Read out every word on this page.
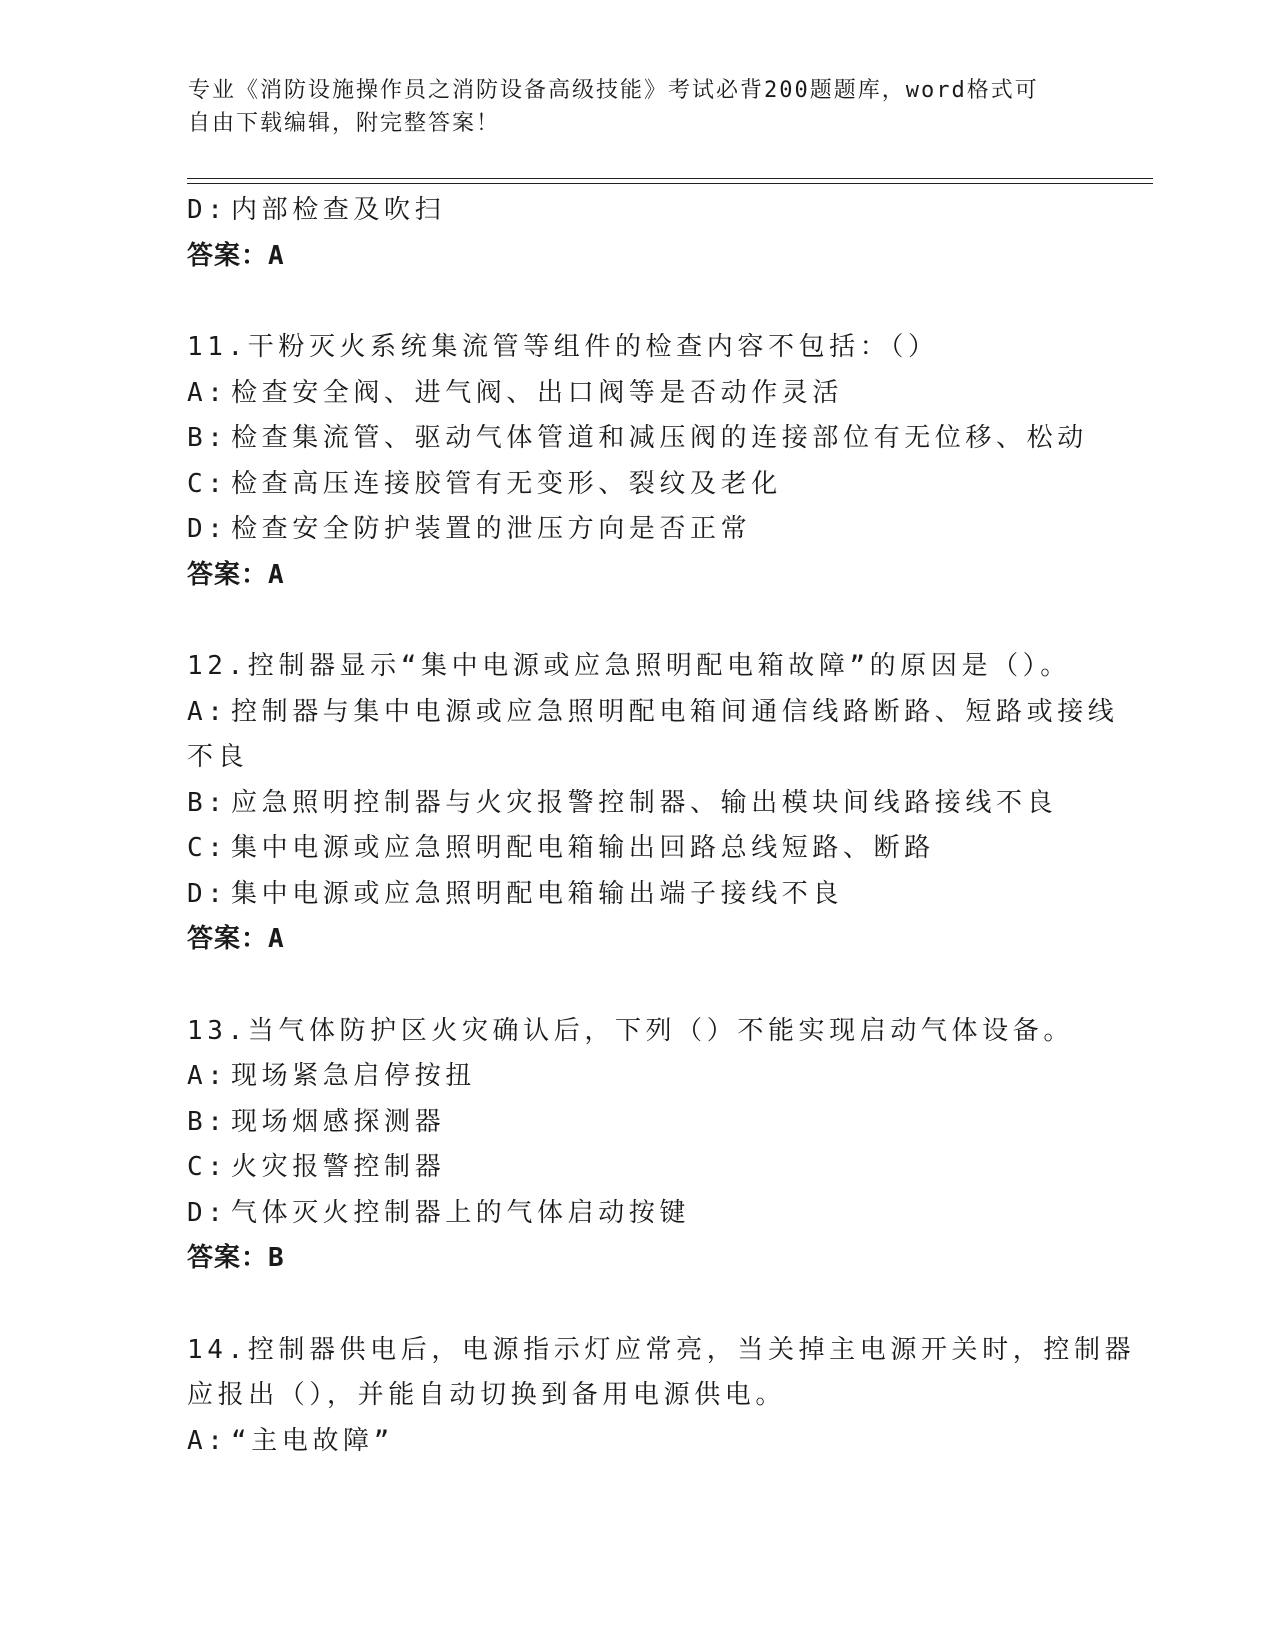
专业《消防设施操作员之消防设备高级技能》考试必背200题题库，word格式可
自由下载编辑，附完整答案！
D: 内部检查及吹扫
答案：A
11.干粉灭火系统集流管等组件的检查内容不包括：（）
A: 检查安全阀、进气阀、出口阀等是否动作灵活
B: 检查集流管、驱动气体管道和减压阀的连接部位有无位移、松动
C: 检查高压连接胶管有无变形、裂纹及老化
D: 检查安全防护装置的泄压方向是否正常
答案：A
12.控制器显示“集中电源或应急照明配电箱故障”的原因是（）。
A: 控制器与集中电源或应急照明配电箱间通信线路断路、短路或接线
不良
B: 应急照明控制器与火灾报警控制器、输出模块间线路接线不良
C: 集中电源或应急照明配电箱输出回路总线短路、断路
D: 集中电源或应急照明配电箱输出端子接线不良
答案：A
13.当气体防护区火灾确认后，下列（）不能实现启动气体设备。
A: 现场紧急启停按扭
B: 现场烟感探测器
C: 火灾报警控制器
D: 气体灭火控制器上的气体启动按键
答案：B
14.控制器供电后，电源指示灯应常亮，当关掉主电源开关时，控制器
应报出（），并能自动切换到备用电源供电。
A: “主电故障”
